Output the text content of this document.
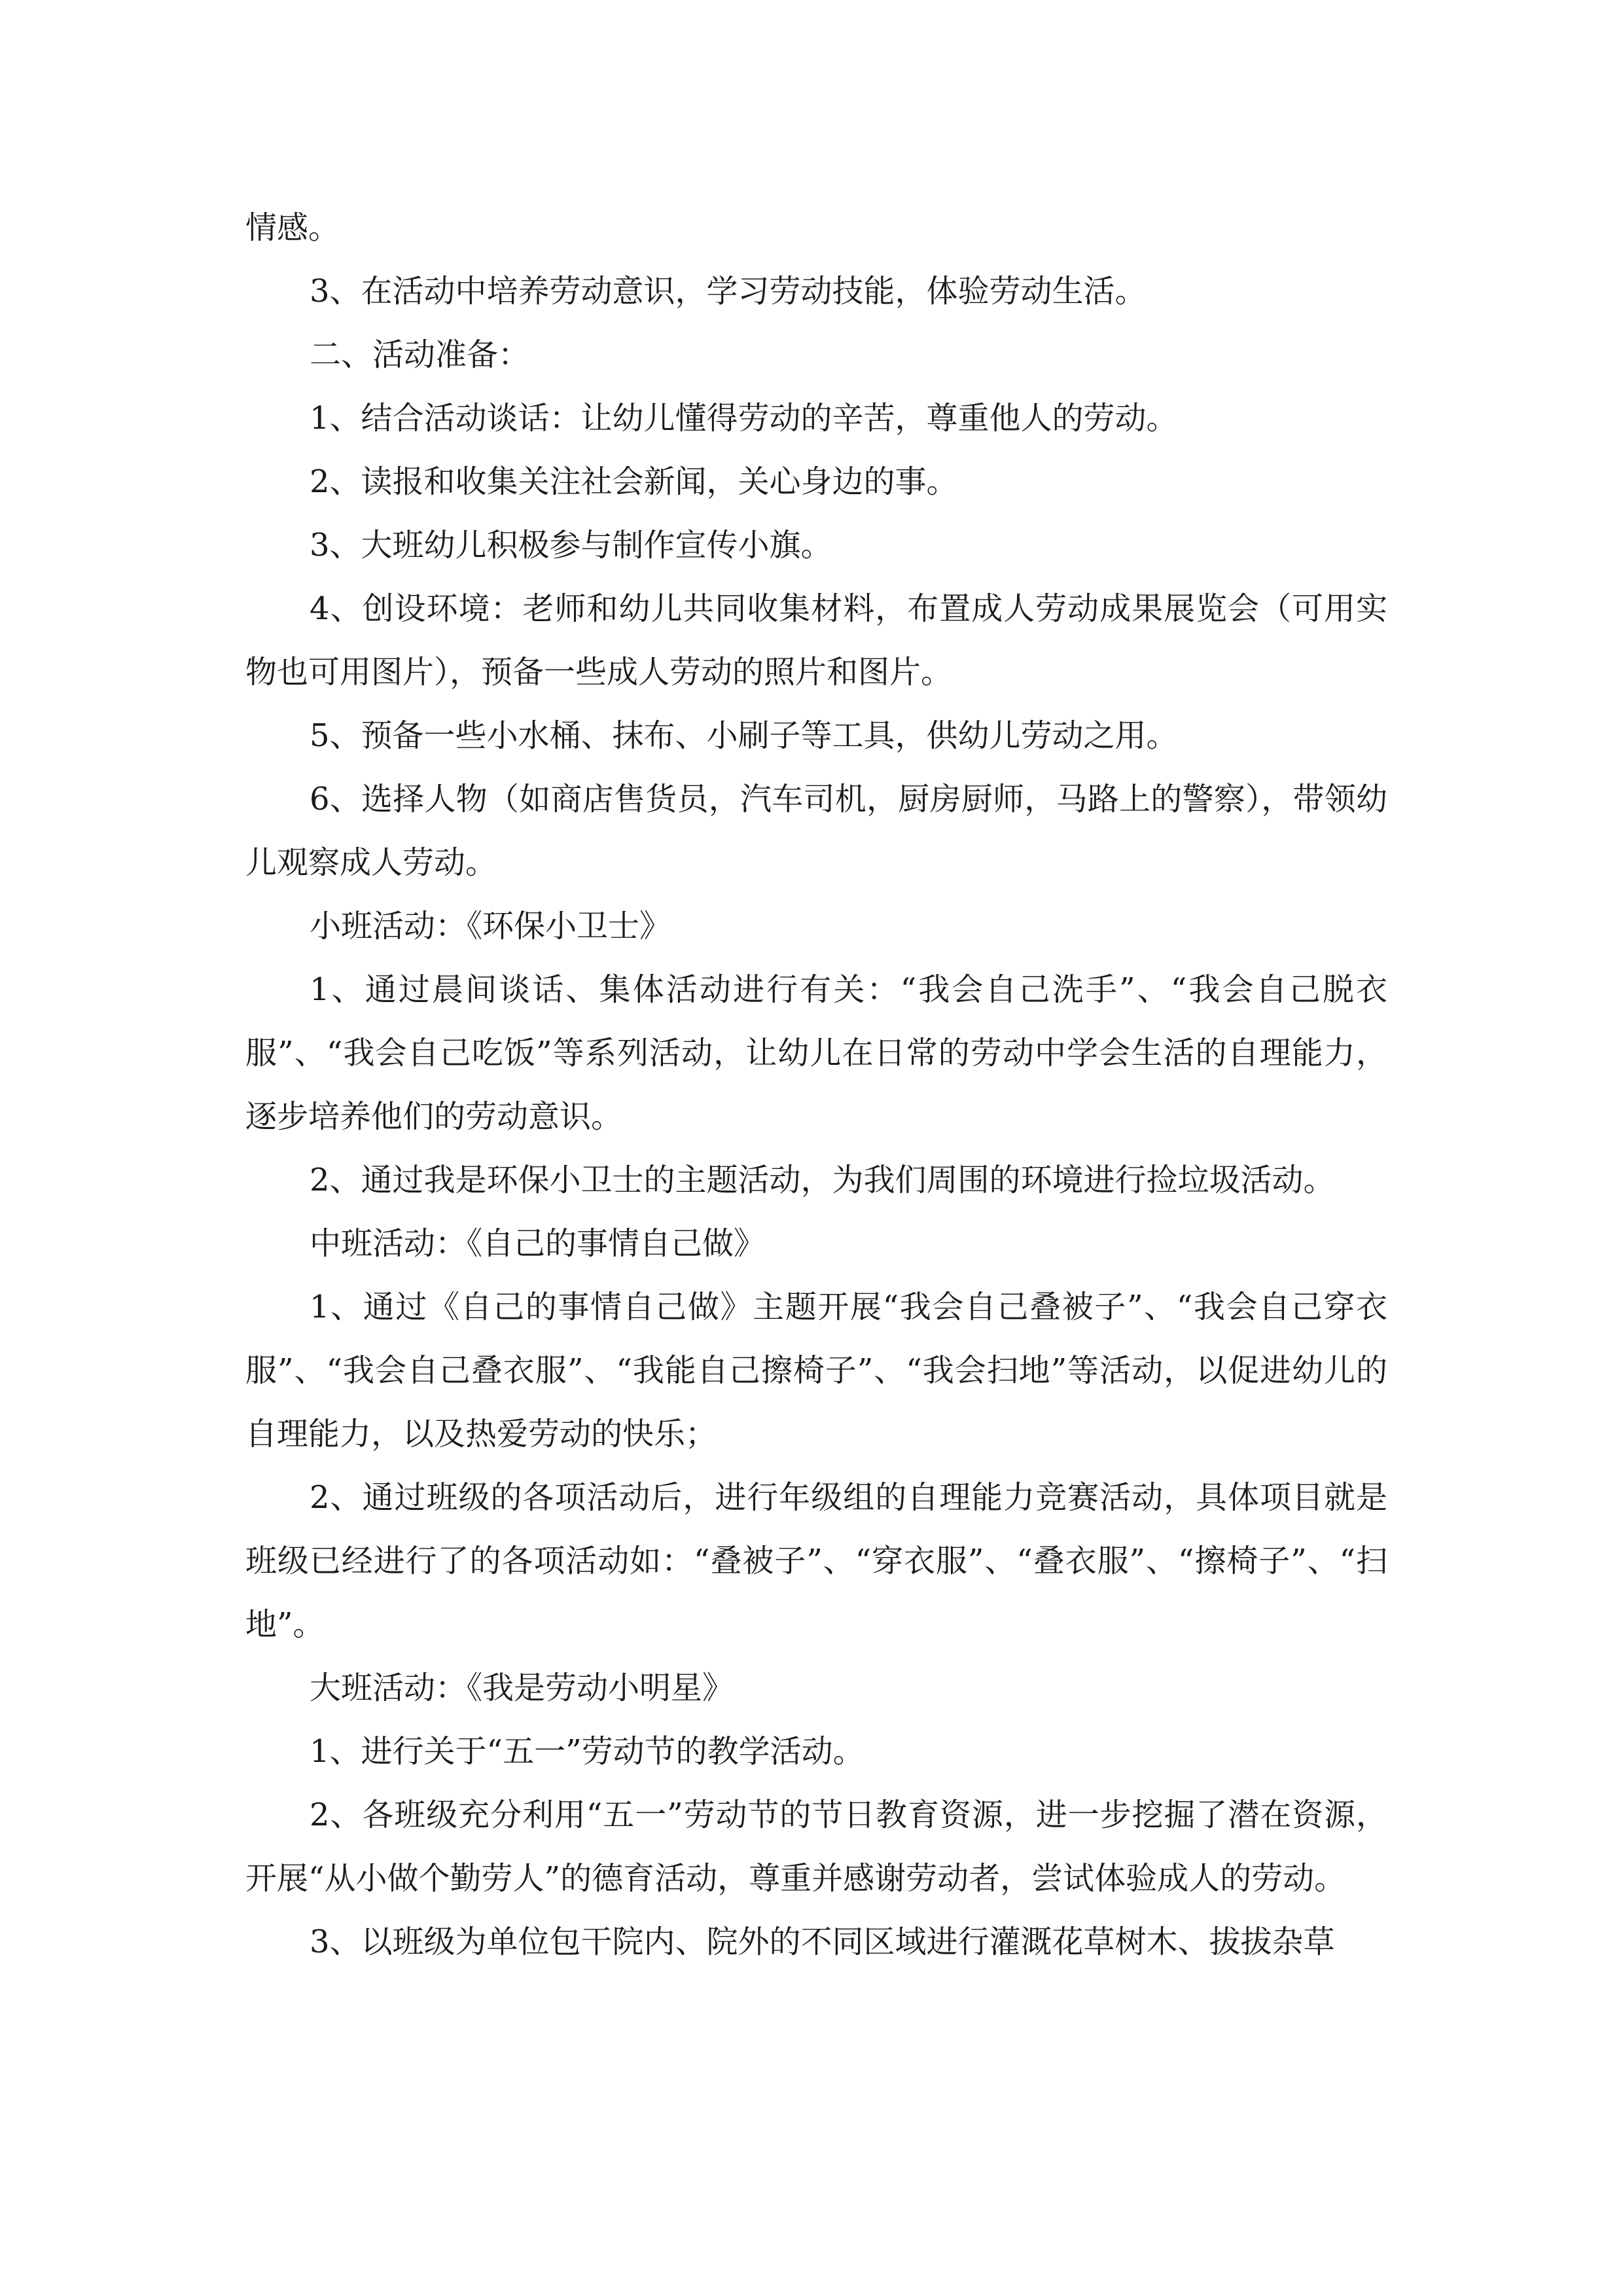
情感。

3、在活动中培养劳动意识，学习劳动技能，体验劳动生活。

二、活动准备：

1、结合活动谈话：让幼儿懂得劳动的辛苦，尊重他人的劳动。

2、读报和收集关注社会新闻，关心身边的事。

3、大班幼儿积极参与制作宣传小旗。

4、创设环境：老师和幼儿共同收集材料，布置成人劳动成果展览会（可用实物也可用图片），预备一些成人劳动的照片和图片。

5、预备一些小水桶、抹布、小刷子等工具，供幼儿劳动之用。

6、选择人物（如商店售货员，汽车司机，厨房厨师，马路上的警察），带领幼儿观察成人劳动。

小班活动：《环保小卫士》

1、通过晨间谈话、集体活动进行有关：“我会自己洗手”、“我会自己脱衣服”、“我会自己吃饭”等系列活动，让幼儿在日常的劳动中学会生活的自理能力，逐步培养他们的劳动意识。

2、通过我是环保小卫士的主题活动，为我们周围的环境进行捡垃圾活动。

中班活动：《自己的事情自己做》

1、通过《自己的事情自己做》主题开展“我会自己叠被子”、“我会自己穿衣服”、“我会自己叠衣服”、“我能自己擦椅子”、“我会扫地”等活动，以促进幼儿的自理能力，以及热爱劳动的快乐；

2、通过班级的各项活动后，进行年级组的自理能力竞赛活动，具体项目就是班级已经进行了的各项活动如：“叠被子”、“穿衣服”、“叠衣服”、“擦椅子”、“扫地”。

大班活动：《我是劳动小明星》

1、进行关于“五一”劳动节的教学活动。

2、各班级充分利用“五一”劳动节的节日教育资源，进一步挖掘了潜在资源，开展“从小做个勤劳人”的德育活动，尊重并感谢劳动者，尝试体验成人的劳动。

3、以班级为单位包干院内、院外的不同区域进行灌溉花草树木、拔拔杂草
